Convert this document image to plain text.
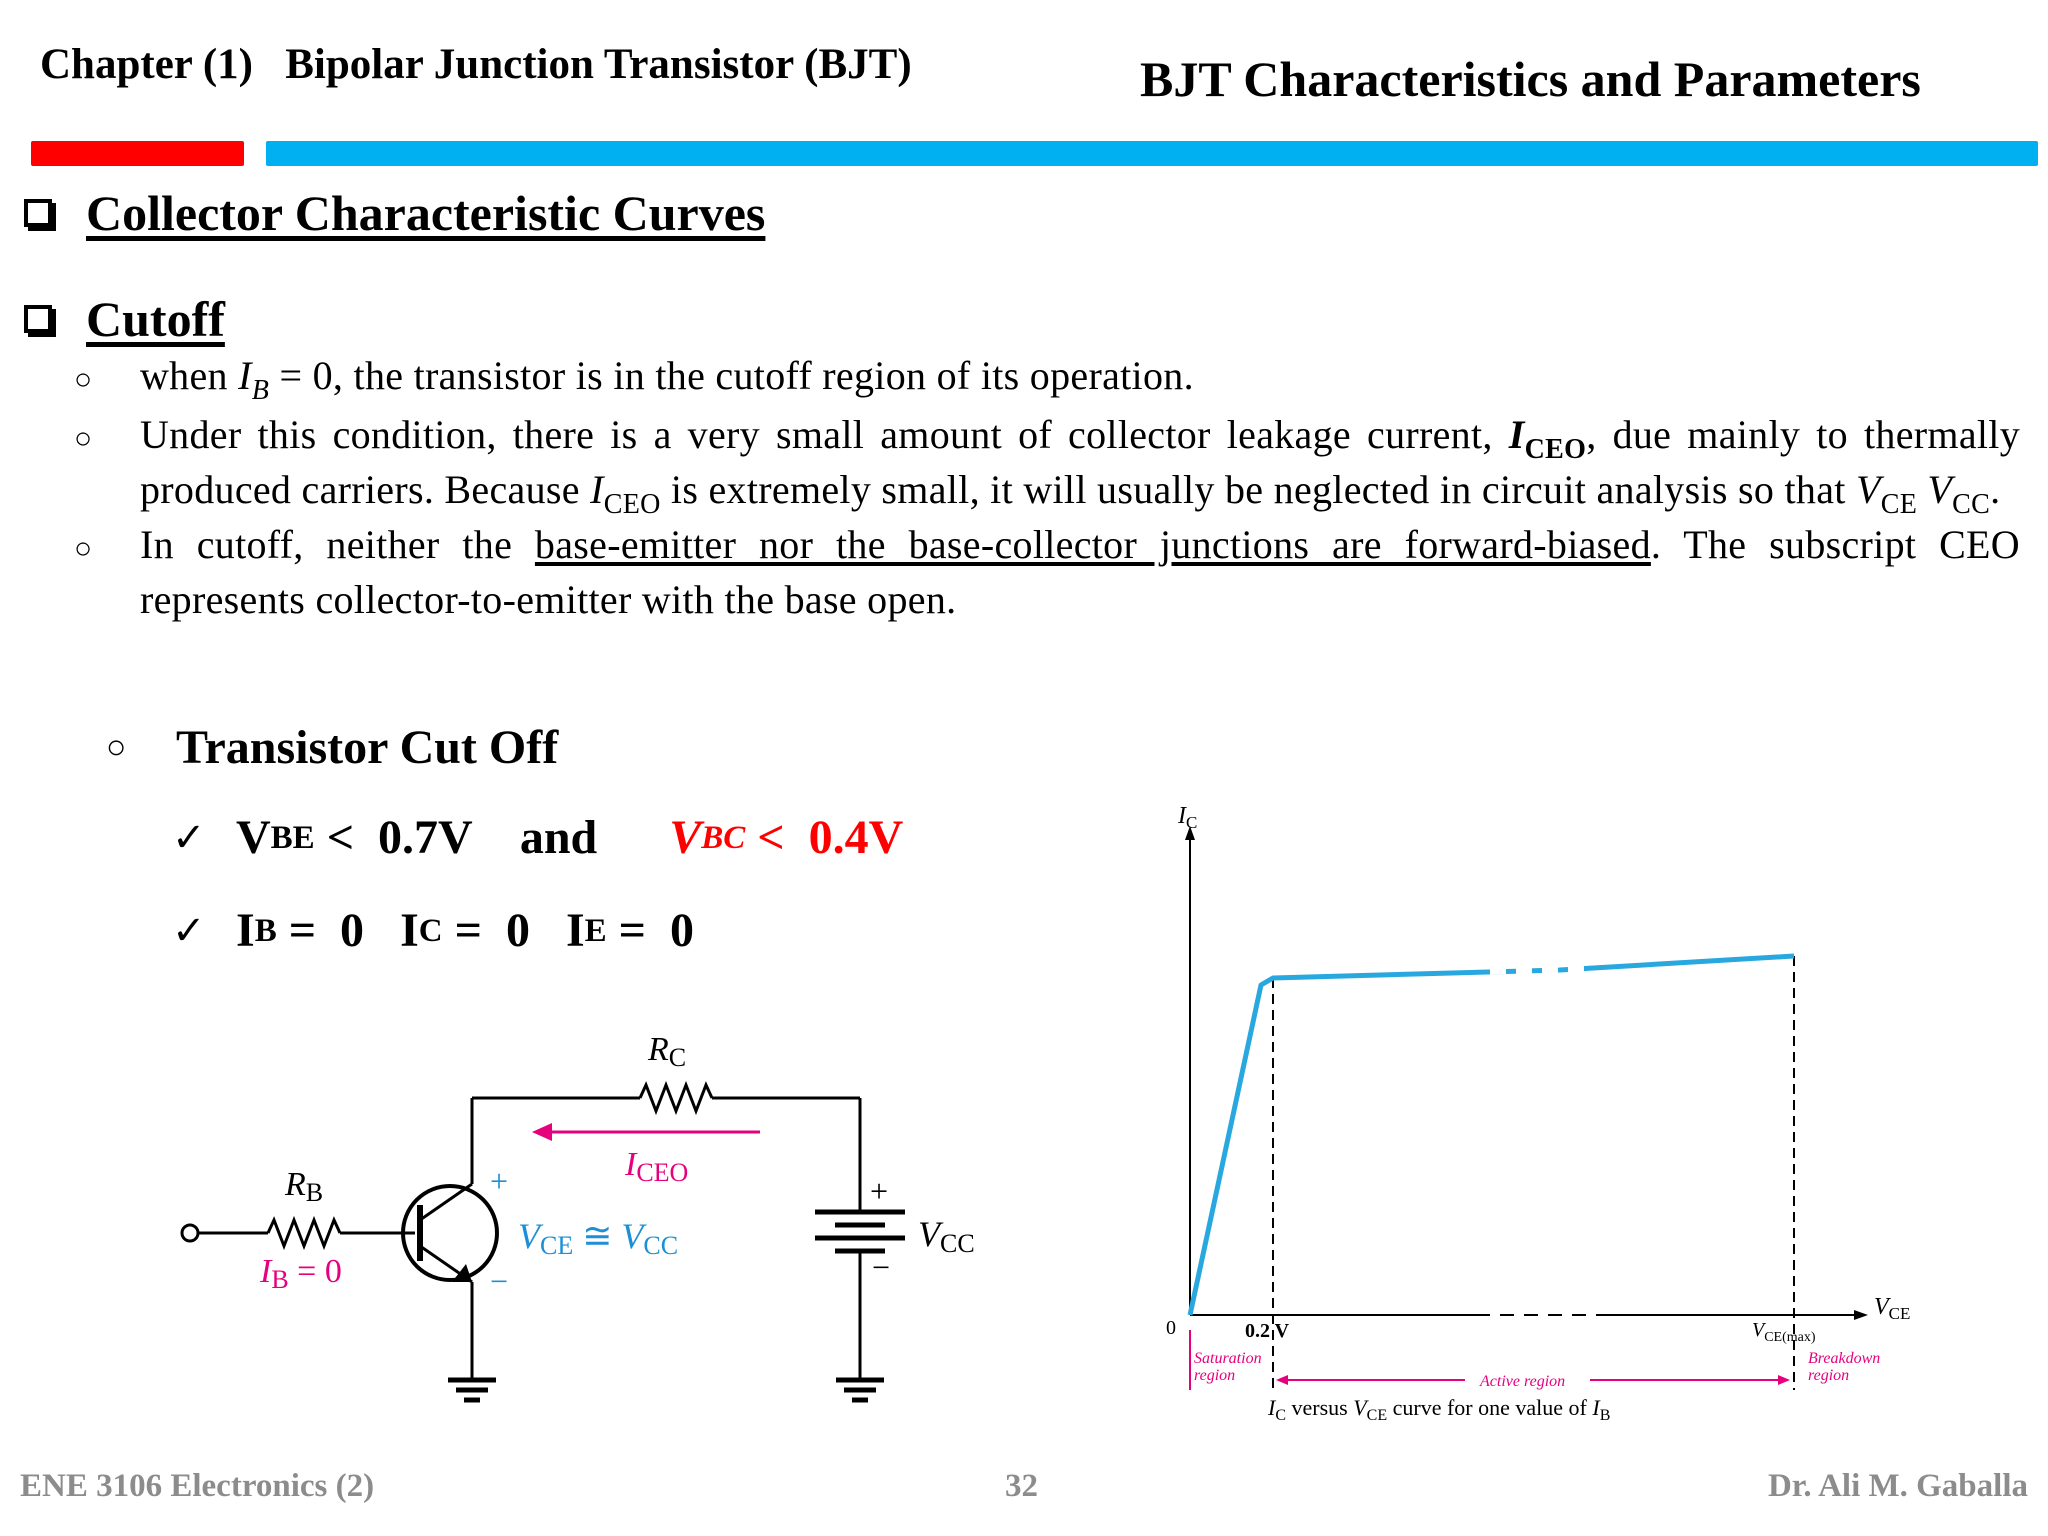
Chapter (1)   Bipolar Junction Transistor (BJT)	BJT Characteristics and Parameters
Collector Characteristic Curves
Cutoff
○	when $I_B = 0$, the transistor is in the cutoff region of its operation.
○	Under this condition, there is a very small amount of collector leakage current, $I_{CEO}$, due mainly to thermally produced carriers. Because $I_{CEO}$ is extremely small, it will usually be neglected in circuit analysis so that $V_{CE}$ $V_{CC}$.
○	In cutoff, neither the base-emitter nor the base-collector junctions are forward-biased. The subscript CEO represents collector-to-emitter with the base open.
○	Transistor Cut Off
✓ V BE <  0.7V    and V BC <  0.4V
✓ I B =  0 I C =  0 I E =  0
RC
RB
ICEO
IB = 0
+
−
VCE ≅ VCC
+
−
VCC
$I_C$
$V_{CE}$
0	0.2 V	$V_{CE(max)}$
Saturation region	Active region
Breakdown region
$I_C$ versus $V_{CE}$ curve for one value of $I_B$
ENE 3106 Electronics (2)	32	Dr. Ali M. Gaballa
